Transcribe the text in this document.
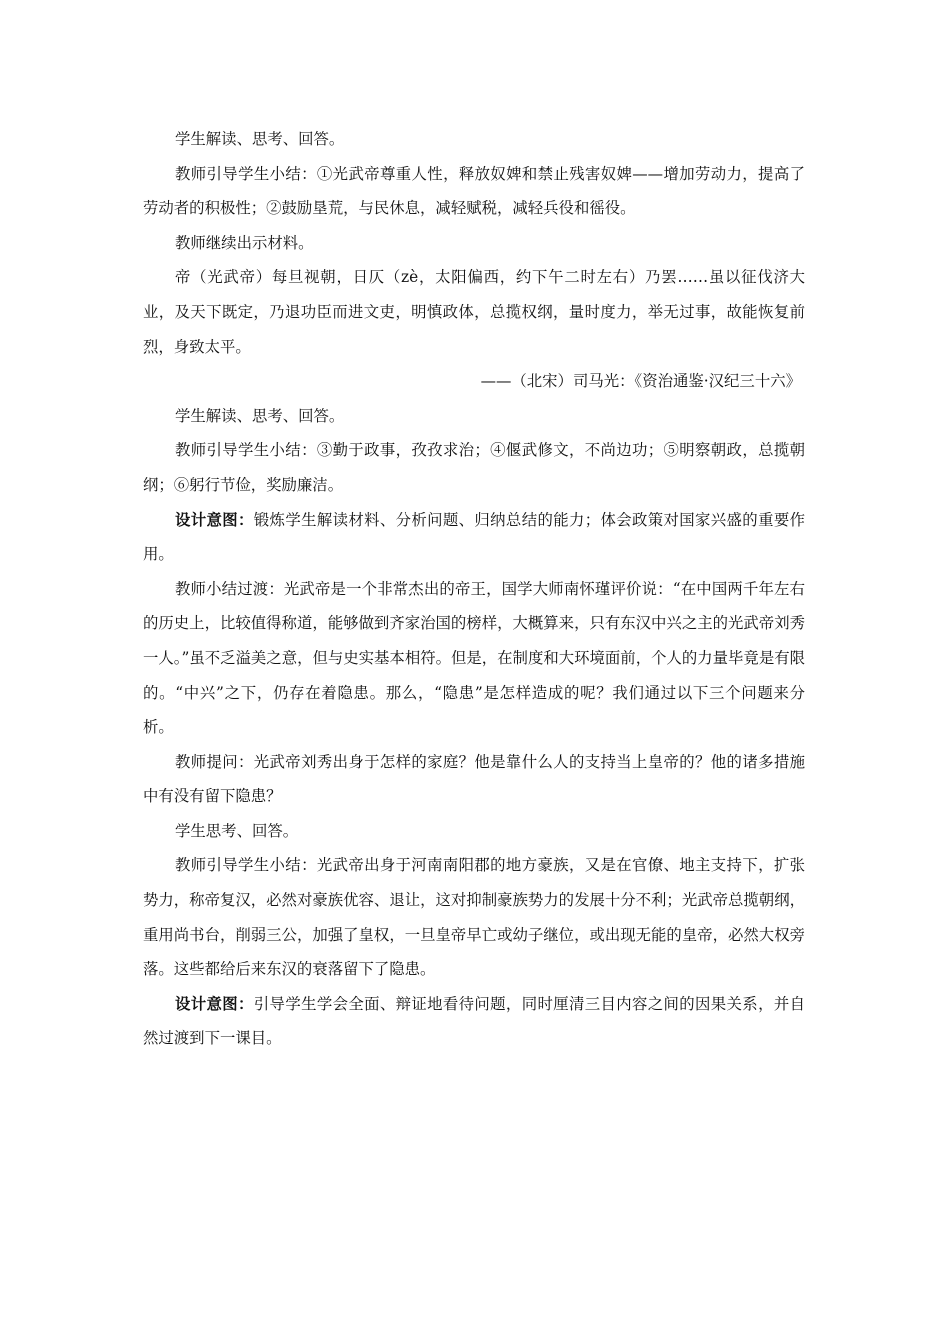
学生解读、思考、回答。

教师引导学生小结：①光武帝尊重人性，释放奴婢和禁止残害奴婢——增加劳动力，提高了劳动者的积极性；②鼓励垦荒，与民休息，减轻赋税，减轻兵役和徭役。

教师继续出示材料。

帝（光武帝）每旦视朝，日仄（zè，太阳偏西，约下午二时左右）乃罢……虽以征伐济大业，及天下既定，乃退功臣而进文吏，明慎政体，总揽权纲，量时度力，举无过事，故能恢复前烈，身致太平。

——（北宋）司马光：《资治通鉴·汉纪三十六》

学生解读、思考、回答。

教师引导学生小结：③勤于政事，孜孜求治；④偃武修文，不尚边功；⑤明察朝政，总揽朝纲；⑥躬行节俭，奖励廉洁。

设计意图：锻炼学生解读材料、分析问题、归纳总结的能力；体会政策对国家兴盛的重要作用。

教师小结过渡：光武帝是一个非常杰出的帝王，国学大师南怀瑾评价说：“在中国两千年左右的历史上，比较值得称道，能够做到齐家治国的榜样，大概算来，只有东汉中兴之主的光武帝刘秀一人。”虽不乏溢美之意，但与史实基本相符。但是，在制度和大环境面前，个人的力量毕竟是有限的。“中兴”之下，仍存在着隐患。那么，“隐患”是怎样造成的呢？我们通过以下三个问题来分析。

教师提问：光武帝刘秀出身于怎样的家庭？他是靠什么人的支持当上皇帝的？他的诸多措施中有没有留下隐患？

学生思考、回答。

教师引导学生小结：光武帝出身于河南南阳郡的地方豪族，又是在官僚、地主支持下，扩张势力，称帝复汉，必然对豪族优容、退让，这对抑制豪族势力的发展十分不利；光武帝总揽朝纲，重用尚书台，削弱三公，加强了皇权，一旦皇帝早亡或幼子继位，或出现无能的皇帝，必然大权旁落。这些都给后来东汉的衰落留下了隐患。

设计意图：引导学生学会全面、辩证地看待问题，同时厘清三目内容之间的因果关系，并自然过渡到下一课目。
